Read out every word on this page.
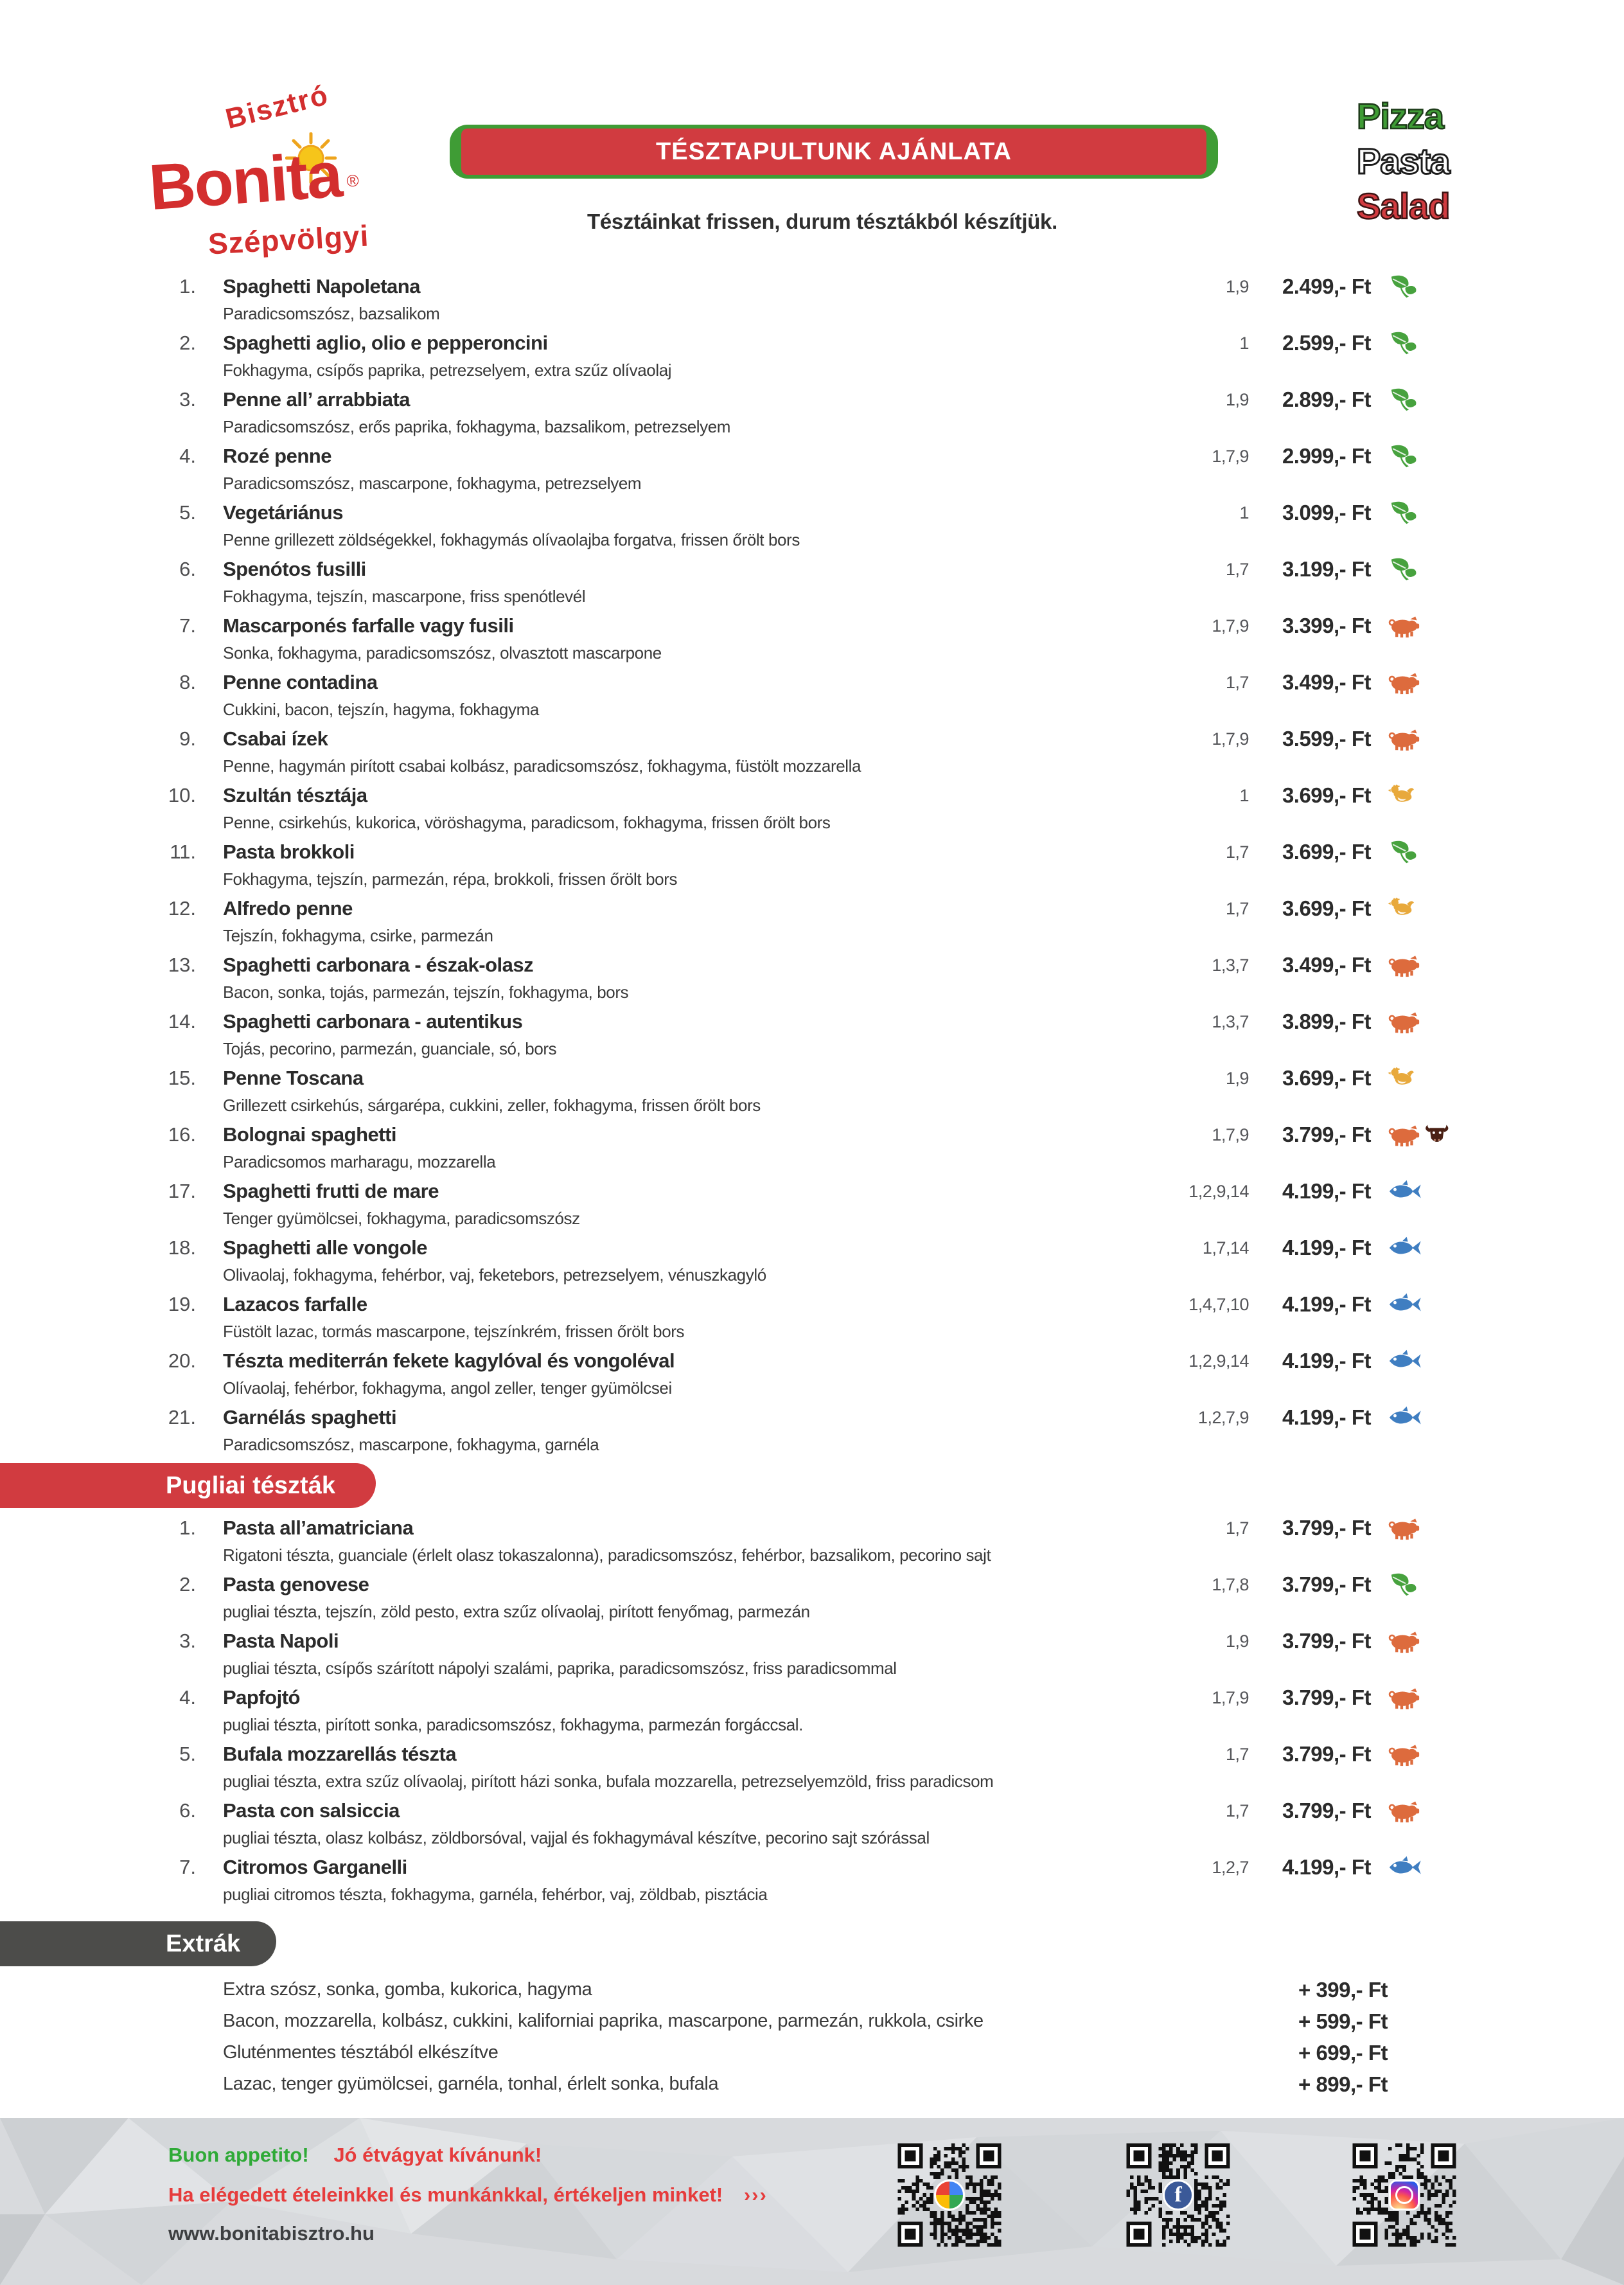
Bisztró
Bonita ®
Szépvölgyi
TÉSZTAPULTUNK AJÁNLATA
Pizza
Pasta
Salad
Tésztáinkat frissen, durum tésztákból készítjük.
1. Spaghetti Napoletana
Paradicsomszósz, bazsalikom
1,9	2.499,- Ft
2. Spaghetti aglio, olio e pepperoncini
Fokhagyma, csípős paprika, petrezselyem, extra szűz olívaolaj
1	2.599,- Ft
3. Penne all’ arrabbiata
Paradicsomszósz, erős paprika, fokhagyma, bazsalikom, petrezselyem
1,9	2.899,- Ft
4. Rozé penne
Paradicsomszósz, mascarpone, fokhagyma, petrezselyem
1,7,9	2.999,- Ft
5. Vegetáriánus
Penne grillezett zöldségekkel, fokhagymás olívaolajba forgatva, frissen őrölt bors
1	3.099,- Ft
6. Spenótos fusilli
Fokhagyma, tejszín, mascarpone, friss spenótlevél
1,7	3.199,- Ft
7. Mascarponés farfalle vagy fusili
Sonka, fokhagyma, paradicsomszósz, olvasztott mascarpone
1,7,9	3.399,- Ft
8. Penne contadina
Cukkini, bacon, tejszín, hagyma, fokhagyma
1,7	3.499,- Ft
9. Csabai ízek
Penne, hagymán pirított csabai kolbász, paradicsomszósz, fokhagyma, füstölt mozzarella
1,7,9	3.599,- Ft
10. Szultán tésztája
Penne, csirkehús, kukorica, vöröshagyma, paradicsom, fokhagyma, frissen őrölt bors
1	3.699,- Ft
11. Pasta brokkoli
Fokhagyma, tejszín, parmezán, répa, brokkoli, frissen őrölt bors
1,7	3.699,- Ft
12. Alfredo penne
Tejszín, fokhagyma, csirke, parmezán
1,7	3.699,- Ft
13. Spaghetti carbonara - észak-olasz
Bacon, sonka, tojás, parmezán, tejszín, fokhagyma, bors
1,3,7	3.499,- Ft
14. Spaghetti carbonara - autentikus
Tojás, pecorino, parmezán, guanciale, só, bors
1,3,7	3.899,- Ft
15. Penne Toscana
Grillezett csirkehús, sárgarépa, cukkini, zeller, fokhagyma, frissen őrölt bors
1,9	3.699,- Ft
16. Bolognai spaghetti
Paradicsomos marharagu, mozzarella
1,7,9	3.799,- Ft
17. Spaghetti frutti de mare
Tenger gyümölcsei, fokhagyma, paradicsomszósz
1,2,9,14	4.199,- Ft
18. Spaghetti alle vongole
Olivaolaj, fokhagyma, fehérbor, vaj, feketebors, petrezselyem, vénuszkagyló
1,7,14	4.199,- Ft
19. Lazacos farfalle
Füstölt lazac, tormás mascarpone, tejszínkrém, frissen őrölt bors
1,4,7,10	4.199,- Ft
20. Tészta mediterrán fekete kagylóval és vongoléval
Olívaolaj, fehérbor, fokhagyma, angol zeller, tenger gyümölcsei
1,2,9,14	4.199,- Ft
21. Garnélás spaghetti
Paradicsomszósz, mascarpone, fokhagyma, garnéla
1,2,7,9	4.199,- Ft
Pugliai tészták
1. Pasta all’amatriciana
Rigatoni tészta, guanciale (érlelt olasz tokaszalonna), paradicsomszósz, fehérbor, bazsalikom, pecorino sajt
1,7	3.799,- Ft
2. Pasta genovese
pugliai tészta, tejszín, zöld pesto, extra szűz olívaolaj, pirított fenyőmag, parmezán
1,7,8	3.799,- Ft
3. Pasta Napoli
pugliai tészta, csípős szárított nápolyi szalámi, paprika, paradicsomszósz, friss paradicsommal
1,9	3.799,- Ft
4. Papfojtó
pugliai tészta, pirított sonka, paradicsomszósz, fokhagyma, parmezán forgáccsal.
1,7,9	3.799,- Ft
5. Bufala mozzarellás tészta
pugliai tészta, extra szűz olívaolaj, pirított házi sonka, bufala mozzarella, petrezselyemzöld, friss paradicsom
1,7	3.799,- Ft
6. Pasta con salsiccia
pugliai tészta, olasz kolbász, zöldborsóval, vajjal és fokhagymával készítve, pecorino sajt szórással
1,7	3.799,- Ft
7. Citromos Garganelli
pugliai citromos tészta, fokhagyma, garnéla, fehérbor, vaj, zöldbab, pisztácia
1,2,7	4.199,- Ft
Extrák
Extra szósz, sonka, gomba, kukorica, hagyma	+ 399,- Ft
Bacon, mozzarella, kolbász, cukkini, kaliforniai paprika, mascarpone, parmezán, rukkola, csirke	+ 599,- Ft
Gluténmentes tésztából elkészítve	+ 699,- Ft
Lazac, tenger gyümölcsei, garnéla, tonhal, érlelt sonka, bufala	+ 899,- Ft
Buon appetito! Jó étvágyat kívánunk!
Ha elégedett ételeinkkel és munkánkkal, értékeljen minket! ›››
www.bonitabisztro.hu
f
